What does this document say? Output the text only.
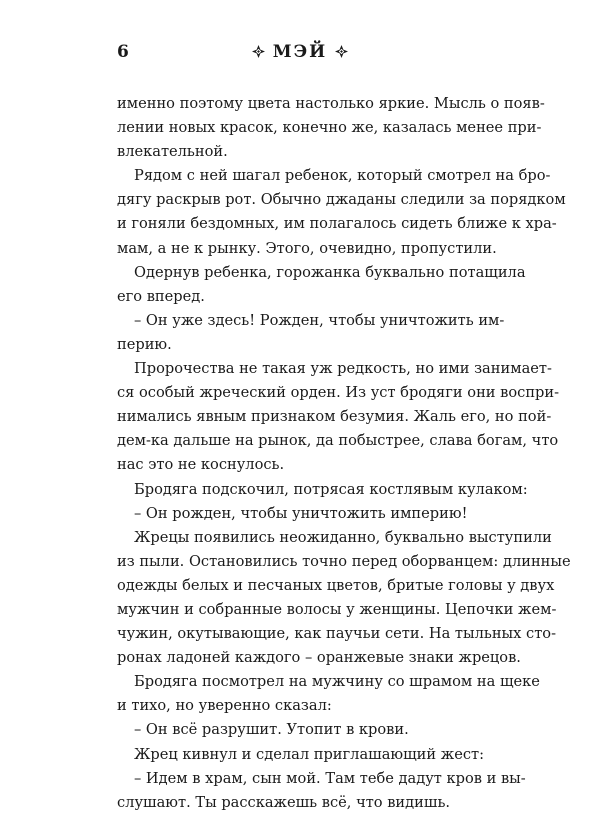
6	МЭЙ
именно поэтому цвета настолько яркие. Мысль о появ-
лении новых красок, конечно же, казалась менее при-
влекательной.
Рядом с ней шагал ребенок, который смотрел на бро-
дягу раскрыв рот. Обычно джаданы следили за порядком
и гоняли бездомных, им полагалось сидеть ближе к хра-
мам, а не к рынку. Этого, очевидно, пропустили.
Одернув ребенка, горожанка буквально потащила
его вперед.
– Он уже здесь! Рожден, чтобы уничтожить им-
перию.
Пророчества не такая уж редкость, но ими занимает-
ся особый жреческий орден. Из уст бродяги они воспри-
нимались явным признаком безумия. Жаль его, но пой-
дем-ка дальше на рынок, да побыстрее, слава богам, что
нас это не коснулось.
Бродяга подскочил, потрясая костлявым кулаком:
– Он рожден, чтобы уничтожить империю!
Жрецы появились неожиданно, буквально выступили
из пыли. Остановились точно перед оборванцем: длинные
одежды белых и песчаных цветов, бритые головы у двух
мужчин и собранные волосы у женщины. Цепочки жем-
чужин, окутывающие, как паучьи сети. На тыльных сто-
ронах ладоней каждого – оранжевые знаки жрецов.
Бродяга посмотрел на мужчину со шрамом на щеке
и тихо, но уверенно сказал:
– Он всё разрушит. Утопит в крови.
Жрец кивнул и сделал приглашающий жест:
– Идем в храм, сын мой. Там тебе дадут кров и вы-
слушают. Ты расскажешь всё, что видишь.
